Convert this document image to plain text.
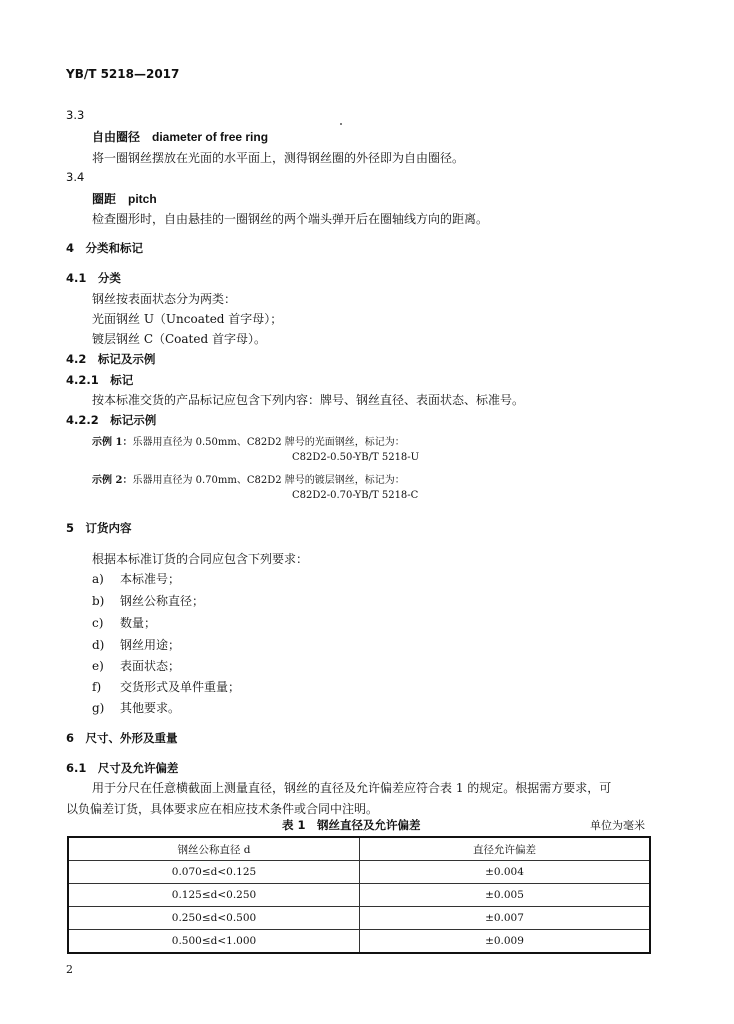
YB/T 5218—2017
3.3
自由圈径 diameter of free ring
将一圈钢丝摆放在光面的水平面上，测得钢丝圈的外径即为自由圈径。
3.4
圈距 pitch
检查圈形时，自由悬挂的一圈钢丝的两个端头弹开后在圈轴线方向的距离。
4　分类和标记
4.1　分类
钢丝按表面状态分为两类：
光面钢丝 U（Uncoated 首字母）；
镀层钢丝 C（Coated 首字母）。
4.2　标记及示例
4.2.1　标记
按本标准交货的产品标记应包含下列内容：牌号、钢丝直径、表面状态、标准号。
4.2.2　标记示例
示例 1：乐器用直径为 0.50mm、C82D2 牌号的光面钢丝，标记为：
C82D2-0.50-YB/T 5218-U
示例 2：乐器用直径为 0.70mm、C82D2 牌号的镀层钢丝，标记为：
C82D2-0.70-YB/T 5218-C
5　订货内容
根据本标准订货的合同应包含下列要求：
a) 本标准号；
b) 钢丝公称直径；
c) 数量；
d) 钢丝用途；
e) 表面状态；
f) 交货形式及单件重量；
g) 其他要求。
6　尺寸、外形及重量
6.1　尺寸及允许偏差
用于分尺在任意横截面上测量直径，钢丝的直径及允许偏差应符合表 1 的规定。根据需方要求，可
以负偏差订货，具体要求应在相应技术条件或合同中注明。
表 1　钢丝直径及允许偏差	单位为毫米
钢丝公称直径 d	直径允许偏差
0.070≤d<0.125	±0.004
0.125≤d<0.250	±0.005
0.250≤d<0.500	±0.007
0.500≤d<1.000	±0.009
2
